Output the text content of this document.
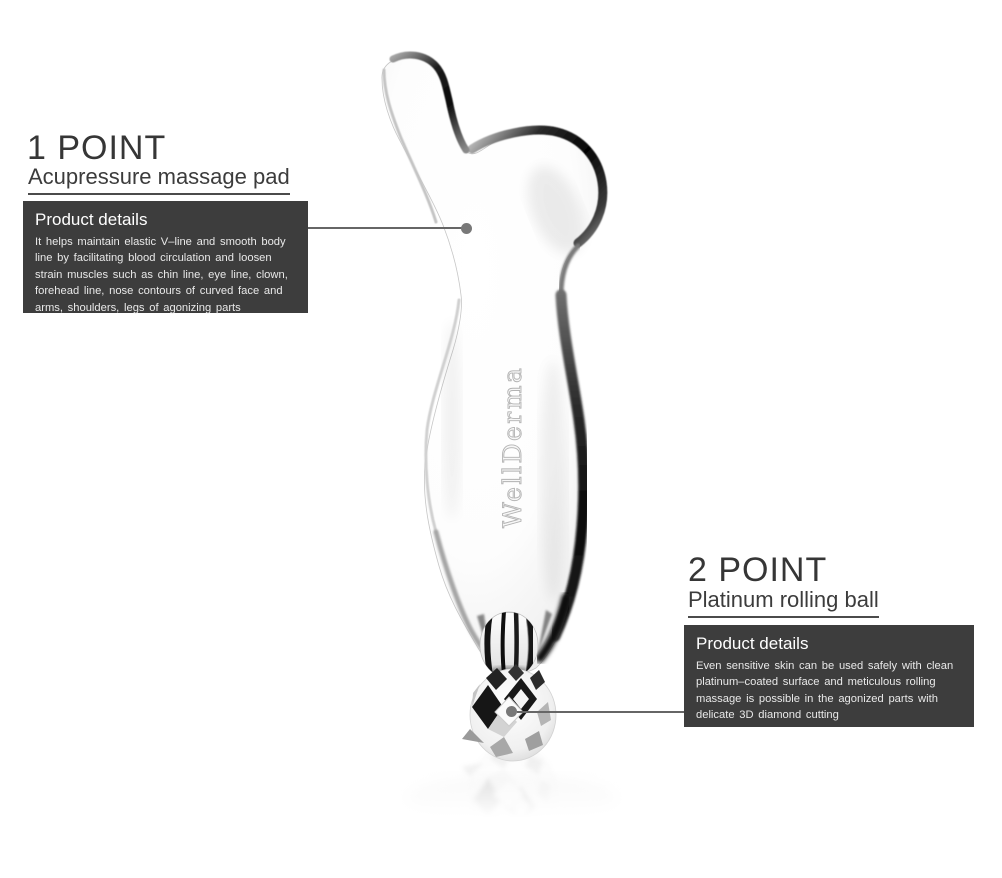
WellDerma
1 POINT
Acupressure massage pad
Product details
It helps maintain elastic V–line and smooth body
line by facilitating blood circulation and loosen
strain muscles such as chin line, eye line, clown,
forehead line, nose contours of curved face and
arms, shoulders, legs of agonizing parts
2 POINT
Platinum rolling ball
Product details
Even sensitive skin can be used safely with clean
platinum–coated surface and meticulous rolling
massage is possible in the agonized parts with
delicate 3D diamond cutting
